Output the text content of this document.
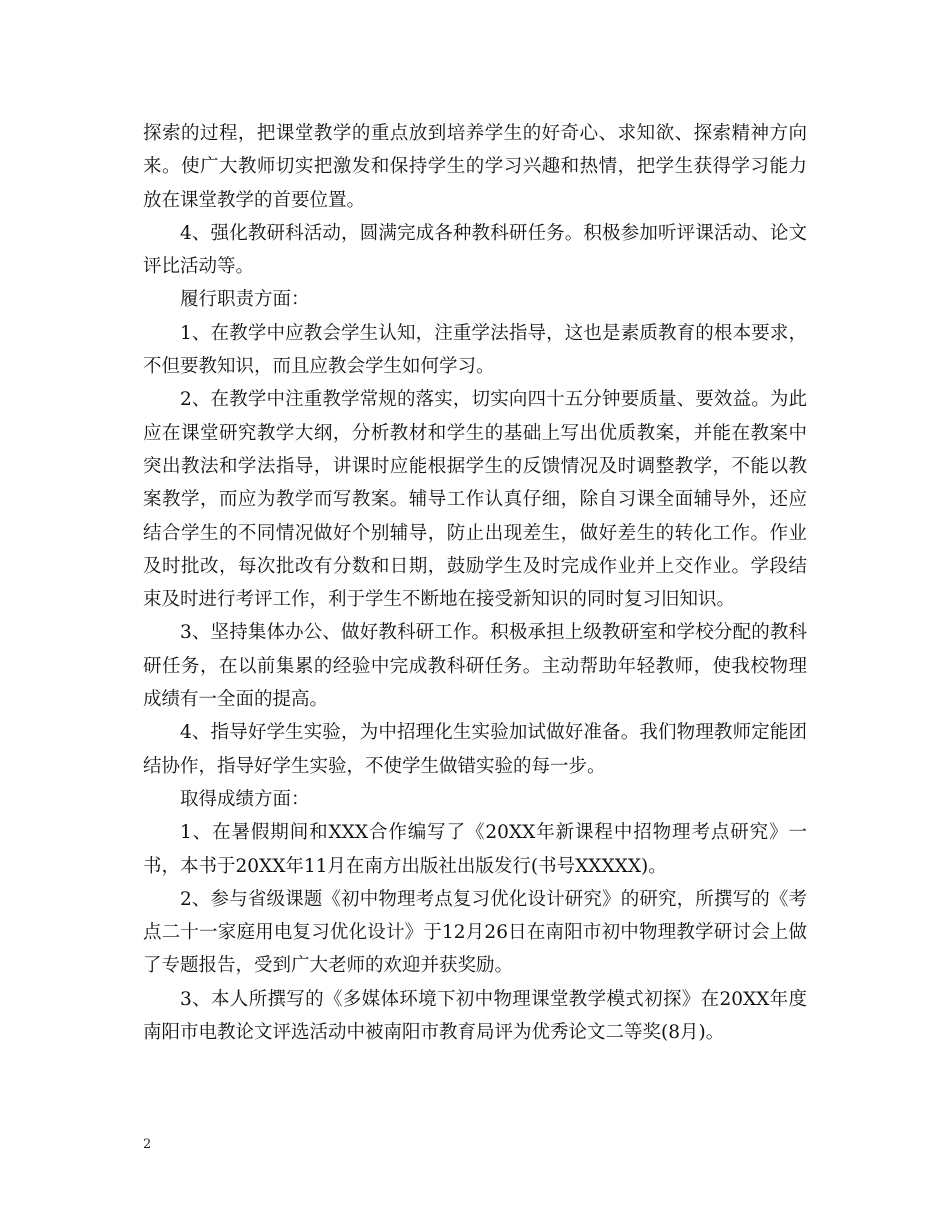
探索的过程，把课堂教学的重点放到培养学生的好奇心、求知欲、探索精神方向来。使广大教师切实把激发和保持学生的学习兴趣和热情，把学生获得学习能力放在课堂教学的首要位置。

4、强化教研科活动，圆满完成各种教科研任务。积极参加听评课活动、论文评比活动等。

履行职责方面：

1、在教学中应教会学生认知，注重学法指导，这也是素质教育的根本要求，不但要教知识，而且应教会学生如何学习。

2、在教学中注重教学常规的落实，切实向四十五分钟要质量、要效益。为此应在课堂研究教学大纲，分析教材和学生的基础上写出优质教案，并能在教案中突出教法和学法指导，讲课时应能根据学生的反馈情况及时调整教学，不能以教案教学，而应为教学而写教案。辅导工作认真仔细，除自习课全面辅导外，还应结合学生的不同情况做好个别辅导，防止出现差生，做好差生的转化工作。作业及时批改，每次批改有分数和日期，鼓励学生及时完成作业并上交作业。学段结束及时进行考评工作，利于学生不断地在接受新知识的同时复习旧知识。

3、坚持集体办公、做好教科研工作。积极承担上级教研室和学校分配的教科研任务，在以前集累的经验中完成教科研任务。主动帮助年轻教师，使我校物理成绩有一全面的提高。

4、指导好学生实验，为中招理化生实验加试做好准备。我们物理教师定能团结协作，指导好学生实验，不使学生做错实验的每一步。

取得成绩方面：

1、在暑假期间和XXX合作编写了《20XX年新课程中招物理考点研究》一书，本书于20XX年11月在南方出版社出版发行(书号XXXXX)。

2、参与省级课题《初中物理考点复习优化设计研究》的研究，所撰写的《考点二十一家庭用电复习优化设计》于12月26日在南阳市初中物理教学研讨会上做了专题报告，受到广大老师的欢迎并获奖励。

3、本人所撰写的《多媒体环境下初中物理课堂教学模式初探》在20XX年度南阳市电教论文评选活动中被南阳市教育局评为优秀论文二等奖(8月)。

2
